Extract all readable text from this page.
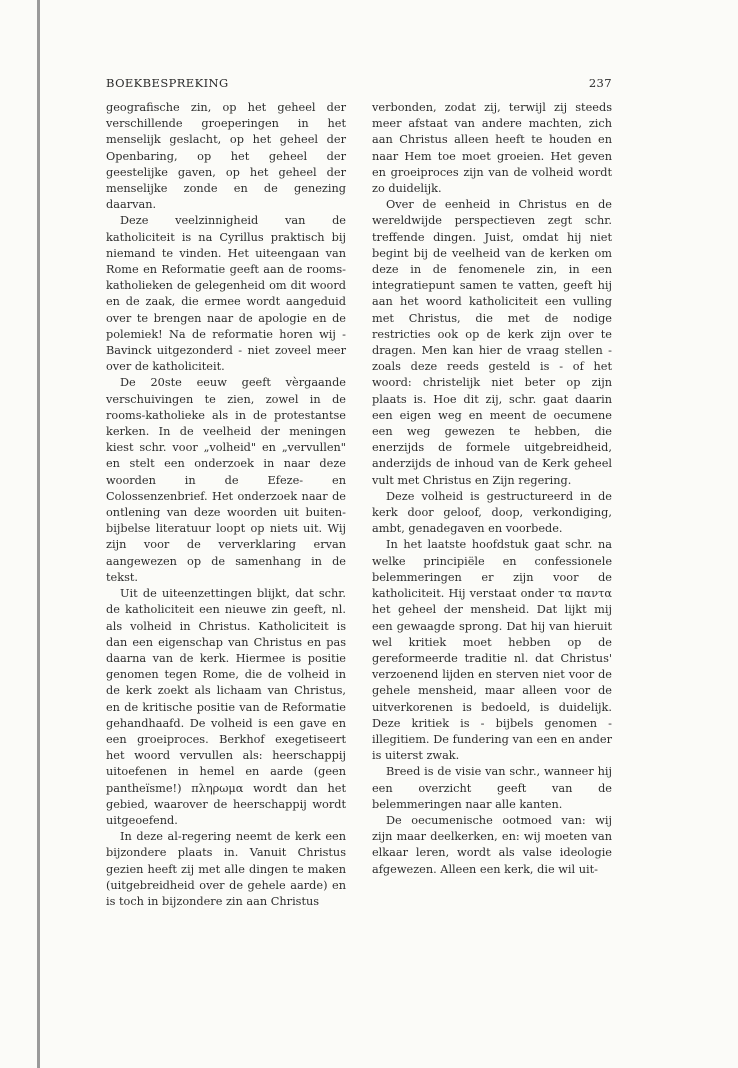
BOEKBESPREKING	237

geografische zin, op het geheel der verschillende groeperingen in het menselijk geslacht, op het geheel der Openbaring, op het geheel der geestelijke gaven, op het geheel der menselijke zonde en de genezing daarvan.

Deze veelzinnigheid van de katholiciteit is na Cyrillus praktisch bij niemand te vinden. Het uiteengaan van Rome en Reformatie geeft aan de rooms-katholieken de gelegenheid om dit woord en de zaak, die ermee wordt aangeduid over te brengen naar de apologie en de polemiek! Na de reformatie horen wij - Bavinck uitgezonderd - niet zoveel meer over de katholiciteit.

De 20ste eeuw geeft vèrgaande verschuivingen te zien, zowel in de rooms-katholieke als in de protestantse kerken. In de veelheid der meningen kiest schr. voor „volheid" en „vervullen" en stelt een onderzoek in naar deze woorden in de Efeze- en Colossenzenbrief. Het onderzoek naar de ontlening van deze woorden uit buiten-bijbelse literatuur loopt op niets uit. Wij zijn voor de ververklaring ervan aangewezen op de samenhang in de tekst.

Uit de uiteenzettingen blijkt, dat schr. de katholiciteit een nieuwe zin geeft, nl. als volheid in Christus. Katholiciteit is dan een eigenschap van Christus en pas daarna van de kerk. Hiermee is positie genomen tegen Rome, die de volheid in de kerk zoekt als lichaam van Christus, en de kritische positie van de Reformatie gehandhaafd. De volheid is een gave en een groeiproces. Berkhof exegetiseert het woord vervullen als: heerschappij uitoefenen in hemel en aarde (geen pantheïsme!) πληρωμα wordt dan het gebied, waarover de heerschappij wordt uitgeoefend.

In deze al-regering neemt de kerk een bijzondere plaats in. Vanuit Christus gezien heeft zij met alle dingen te maken (uitgebreidheid over de gehele aarde) en is toch in bijzondere zin aan Christus

verbonden, zodat zij, terwijl zij steeds meer afstaat van andere machten, zich aan Christus alleen heeft te houden en naar Hem toe moet groeien. Het geven en groeiproces zijn van de volheid wordt zo duidelijk.

Over de eenheid in Christus en de wereldwijde perspectieven zegt schr. treffende dingen. Juist, omdat hij niet begint bij de veelheid van de kerken om deze in de fenomenele zin, in een integratiepunt samen te vatten, geeft hij aan het woord katholiciteit een vulling met Christus, die met de nodige restricties ook op de kerk zijn over te dragen. Men kan hier de vraag stellen - zoals deze reeds gesteld is - of het woord: christelijk niet beter op zijn plaats is. Hoe dit zij, schr. gaat daarin een eigen weg en meent de oecumene een weg gewezen te hebben, die enerzijds de formele uitgebreidheid, anderzijds de inhoud van de Kerk geheel vult met Christus en Zijn regering.

Deze volheid is gestructureerd in de kerk door geloof, doop, verkondiging, ambt, genadegaven en voorbede.

In het laatste hoofdstuk gaat schr. na welke principiële en confessionele belemmeringen er zijn voor de katholiciteit. Hij verstaat onder τα παντα het geheel der mensheid. Dat lijkt mij een gewaagde sprong. Dat hij van hieruit wel kritiek moet hebben op de gereformeerde traditie nl. dat Christus' verzoenend lijden en sterven niet voor de gehele mensheid, maar alleen voor de uitverkorenen is bedoeld, is duidelijk. Deze kritiek is - bijbels genomen - illegitiem. De fundering van een en ander is uiterst zwak.

Breed is de visie van schr., wanneer hij een overzicht geeft van de belemmeringen naar alle kanten.

De oecumenische ootmoed van: wij zijn maar deelkerken, en: wij moeten van elkaar leren, wordt als valse ideologie afgewezen. Alleen een kerk, die wil uit-
